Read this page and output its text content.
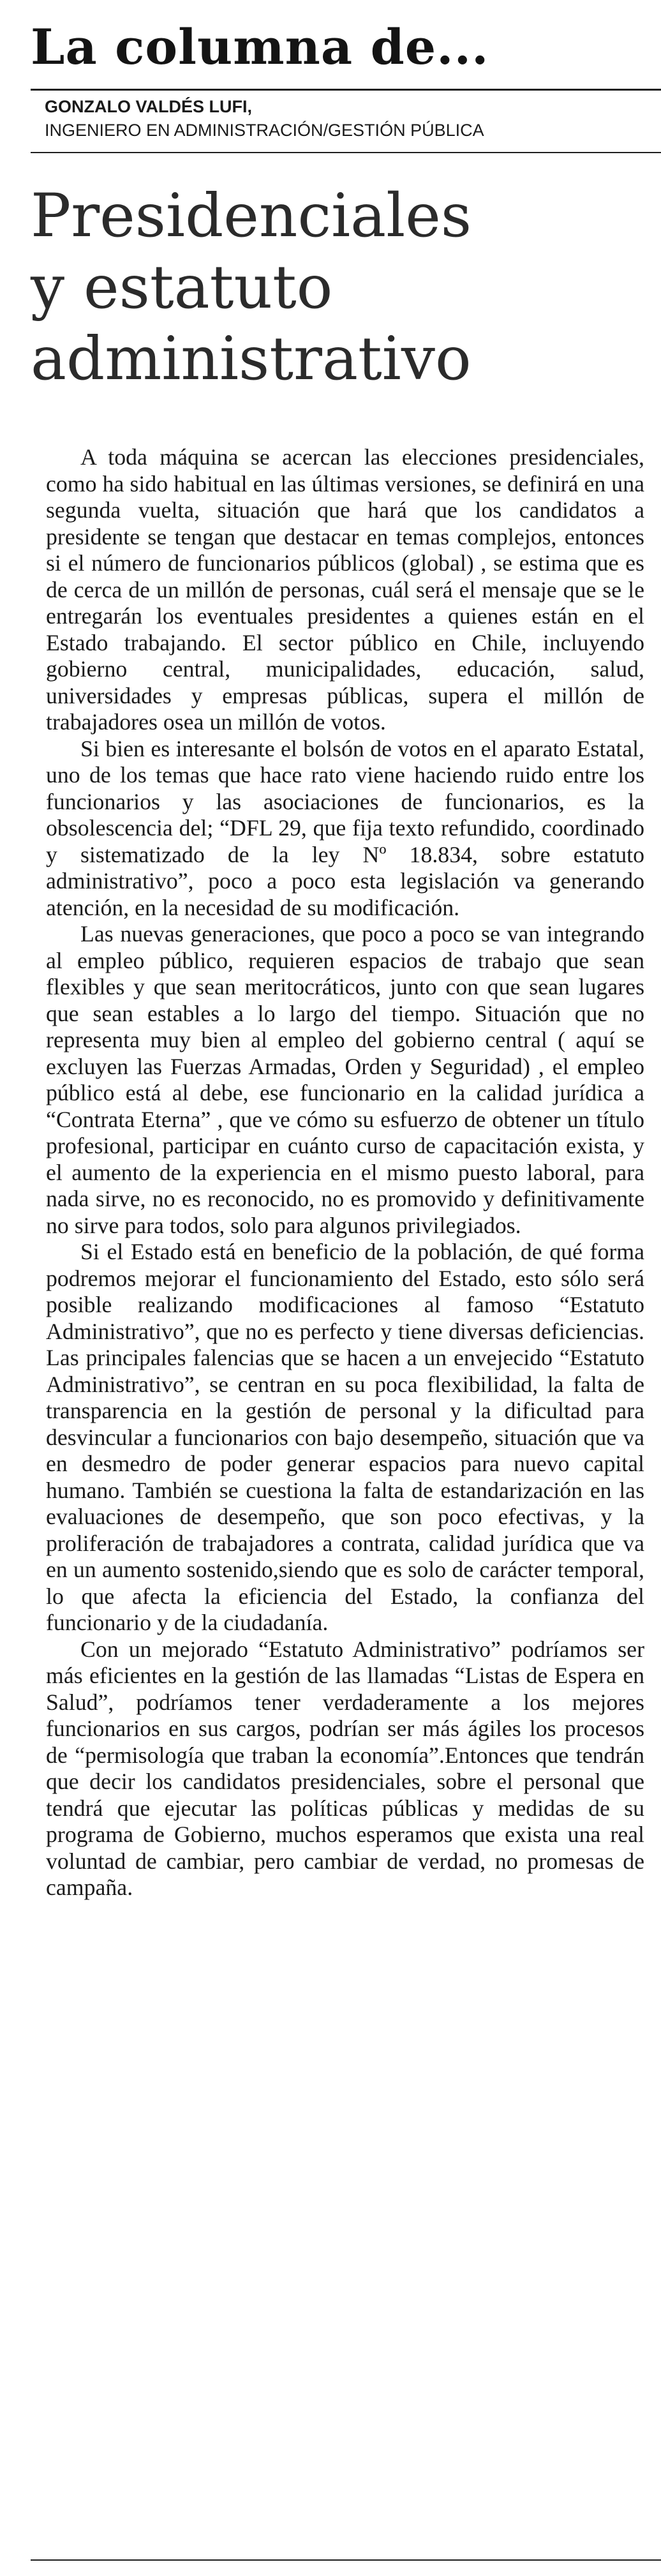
La columna de...
GONZALO VALDÉS LUFI,
INGENIERO EN ADMINISTRACIÓN/GESTIÓN PÚBLICA
Presidenciales
y estatuto
administrativo

A toda máquina se acercan las elecciones presidenciales, como ha sido habitual en las últimas versiones, se definirá en una segunda vuelta, situación que hará que los candidatos a presidente se tengan que destacar en temas complejos, entonces si el número de funcionarios públicos (global) , se estima que es de cerca de un millón de personas, cuál será el mensaje que se le entregarán los eventuales presidentes a quienes están en el Estado trabajando. El sector público en Chile, incluyendo gobierno central, municipalidades, educación, salud, universidades y empresas públicas, supera el millón de trabajadores osea un millón de votos.

Si bien es interesante el bolsón de votos en el aparato Estatal, uno de los temas que hace rato viene haciendo ruido entre los funcionarios y las asociaciones de funcionarios, es la obsolescencia del; “DFL 29, que fija texto refundido, coordinado y sistematizado de la ley Nº 18.834, sobre estatuto administrativo”, poco a poco esta legislación va generando atención, en la necesidad de su modificación.

Las nuevas generaciones, que poco a poco se van integrando al empleo público, requieren espacios de trabajo que sean flexibles y que sean meritocráticos, junto con que sean lugares que sean estables a lo largo del tiempo. Situación que no representa muy bien al empleo del gobierno central ( aquí se excluyen las Fuerzas Armadas, Orden y Seguridad) , el empleo público está al debe, ese funcionario en la calidad jurídica a “Contrata Eterna” , que ve cómo su esfuerzo de obtener un título profesional, participar en cuánto curso de capacitación exista, y el aumento de la experiencia en el mismo puesto laboral, para nada sirve, no es reconocido, no es promovido y definitivamente no sirve para todos, solo para algunos privilegiados.

Si el Estado está en beneficio de la población, de qué forma podremos mejorar el funcionamiento del Estado, esto sólo será posible realizando modificaciones al famoso “Estatuto Administrativo”, que no es perfecto y tiene diversas deficiencias. Las principales falencias que se hacen a un envejecido “Estatuto Administrativo”, se centran en su poca flexibilidad, la falta de transparencia en la gestión de personal y la dificultad para desvincular a funcionarios con bajo desempeño, situación que va en desmedro de poder generar espacios para nuevo capital humano. También se cuestiona la falta de estandarización en las evaluaciones de desempeño, que son poco efectivas, y la proliferación de trabajadores a contrata, calidad jurídica que va en un aumento sostenido,siendo que es solo de carácter temporal, lo que afecta la eficiencia del Estado, la confianza del funcionario y de la ciudadanía.

Con un mejorado “Estatuto Administrativo” podríamos ser más eficientes en la gestión de las llamadas “Listas de Espera en Salud”, podríamos tener verdaderamente a los mejores funcionarios en sus cargos, podrían ser más ágiles los procesos de “permisología que traban la economía”.Entonces que tendrán que decir los candidatos presidenciales, sobre el personal que tendrá que ejecutar las políticas públicas y medidas de su programa de Gobierno, muchos esperamos que exista una real voluntad de cambiar, pero cambiar de verdad, no promesas de campaña.
